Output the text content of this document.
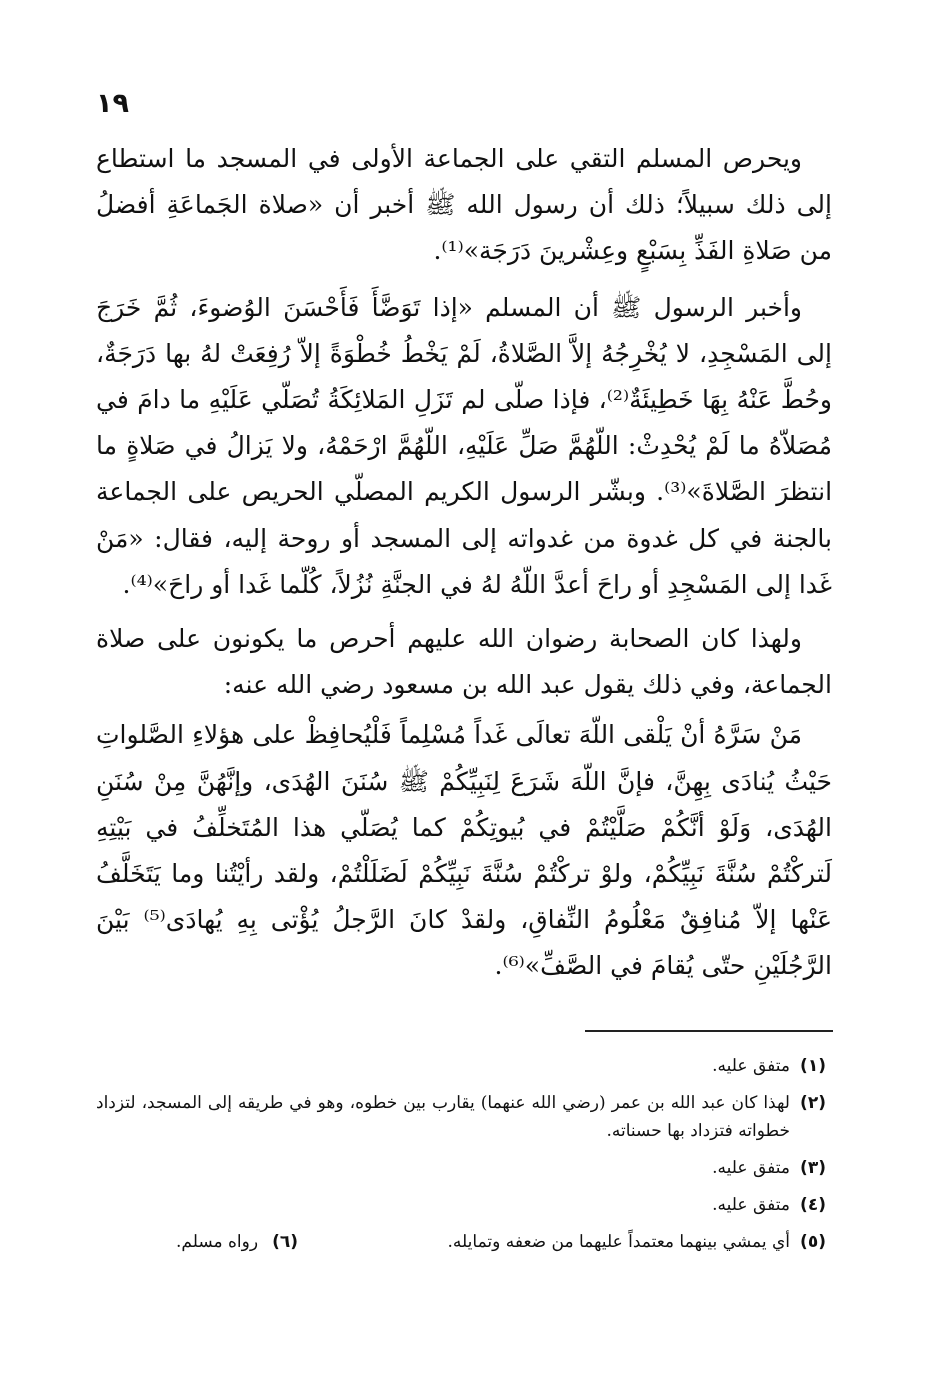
١٩

ويحرص المسلم التقي على الجماعة الأولى في المسجد ما استطاع إلى ذلك سبيلاً؛ ذلك أن رسول الله ﷺ أخبر أن «صلاة الجَماعَةِ أفضلُ من صَلاةِ الفَذِّ بِسَبْعٍ وعِشْرينَ دَرَجَة»⁽¹⁾.

وأخبر الرسول ﷺ أن المسلم «إذا تَوَضَّأَ فَأَحْسَنَ الوُضوءَ، ثُمَّ خَرَجَ إلى المَسْجِدِ، لا يُخْرِجُهُ إلاَّ الصَّلاةُ، لَمْ يَخْطُ خُطْوَةً إلاّ رُفِعَتْ لهُ بها دَرَجَةٌ، وحُطَّ عَنْهُ بِهَا خَطِيئَةٌ⁽²⁾، فإذا صلّى لم تَزَلِ المَلائِكَةُ تُصَلّي عَلَيْهِ ما دامَ في مُصَلاّهُ ما لَمْ يُحْدِثْ: اللّهُمَّ صَلِّ عَلَيْهِ، اللّهُمَّ ارْحَمْهُ، ولا يَزالُ في صَلاةٍ ما انتظرَ الصَّلاةَ»⁽³⁾. وبشّر الرسول الكريم المصلّي الحريص على الجماعة بالجنة في كل غدوة من غدواته إلى المسجد أو روحة إليه، فقال: «مَنْ غَدا إلى المَسْجِدِ أو راحَ أعدَّ اللّهُ لهُ في الجنَّةِ نُزُلاً، كُلّما غَدا أو راحَ»⁽⁴⁾.

ولهذا كان الصحابة رضوان الله عليهم أحرص ما يكونون على صلاة الجماعة، وفي ذلك يقول عبد الله بن مسعود رضي الله عنه:

مَنْ سَرَّهُ أنْ يَلْقى اللّهَ تعالَى غَداً مُسْلِماً فَلْيُحافِظْ على هؤلاءِ الصَّلواتِ حَيْثُ يُنادَى بِهِنَّ، فإنَّ اللّهَ شَرَعَ لِنَبِيِّكُمْ ﷺ سُنَنَ الهُدَى، وإنَّهُنَّ مِنْ سُنَنِ الهُدَى، وَلَوْ أنَّكُمْ صَلَّيْتُمْ في بُيوتِكُمْ كما يُصَلّي هذا المُتَخلِّفُ في بَيْتِهِ لَتركْتُمْ سُنَّةَ نَبِيِّكُمْ، ولوْ تركْتُمْ سُنَّةَ نَبِيِّكُمْ لَضَلَلْتُمْ، ولقد رأيْتُنا وما يَتَخَلَّفُ عَنْها إلاّ مُنافِقٌ مَعْلُومُ النِّفاقِ، ولقدْ كانَ الرَّجلُ يُؤْتى بِهِ يُهادَى⁽⁵⁾ بَيْنَ الرَّجُلَيْنِ حتّى يُقامَ في الصَّفِّ»⁽⁶⁾.

(١)
متفق عليه.
(٢)
لهذا كان عبد الله بن عمر (رضي الله عنهما) يقارب بين خطوه، وهو في طريقه إلى المسجد، لتزداد خطواته فتزداد بها حسناته.
(٣)
متفق عليه.
(٤)
متفق عليه.
(٥)
أي يمشي بينهما معتمداً عليهما من ضعفه وتمايله.
(٦)
رواه مسلم.
